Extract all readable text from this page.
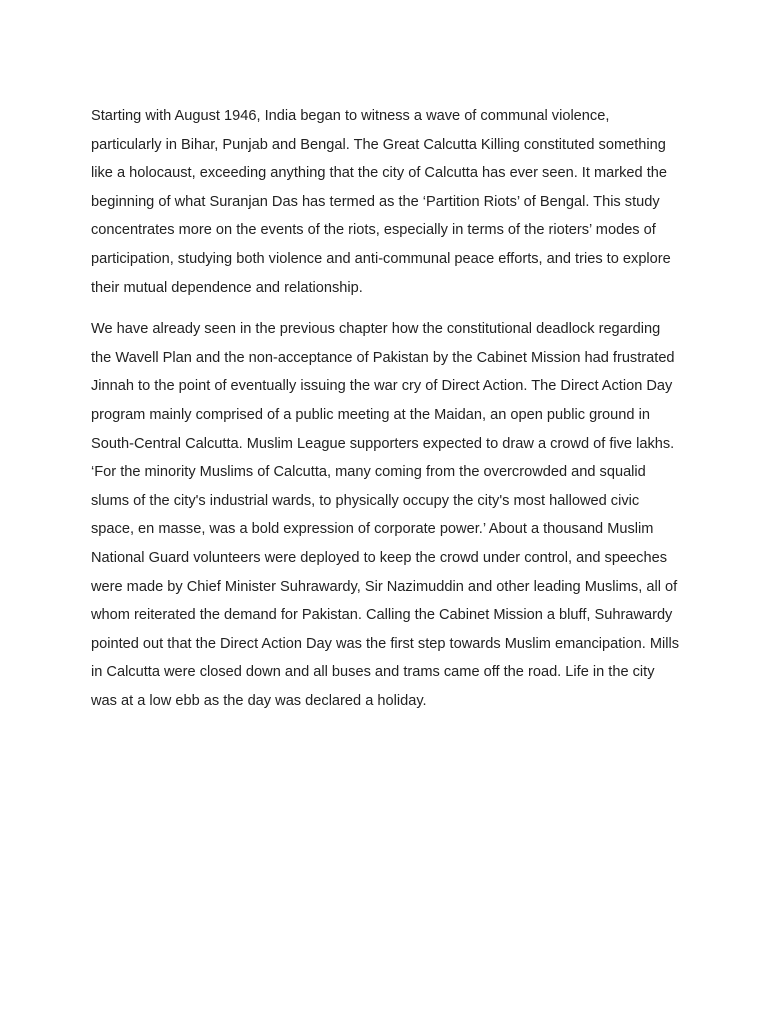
Starting with August 1946, India began to witness a wave of communal violence, particularly in Bihar, Punjab and Bengal. The Great Calcutta Killing constituted something like a holocaust, exceeding anything that the city of Calcutta has ever seen. It marked the beginning of what Suranjan Das has termed as the ‘Partition Riots’ of Bengal. This study concentrates more on the events of the riots, especially in terms of the rioters’ modes of participation, studying both violence and anti-communal peace efforts, and tries to explore their mutual dependence and relationship.

We have already seen in the previous chapter how the constitutional deadlock regarding the Wavell Plan and the non-acceptance of Pakistan by the Cabinet Mission had frustrated Jinnah to the point of eventually issuing the war cry of Direct Action. The Direct Action Day program mainly comprised of a public meeting at the Maidan, an open public ground in South-Central Calcutta. Muslim League supporters expected to draw a crowd of five lakhs. ‘For the minority Muslims of Calcutta, many coming from the overcrowded and squalid slums of the city's industrial wards, to physically occupy the city's most hallowed civic space, en masse, was a bold expression of corporate power.’ About a thousand Muslim National Guard volunteers were deployed to keep the crowd under control, and speeches were made by Chief Minister Suhrawardy, Sir Nazimuddin and other leading Muslims, all of whom reiterated the demand for Pakistan. Calling the Cabinet Mission a bluff, Suhrawardy pointed out that the Direct Action Day was the first step towards Muslim emancipation. Mills in Calcutta were closed down and all buses and trams came off the road. Life in the city was at a low ebb as the day was declared a holiday.
